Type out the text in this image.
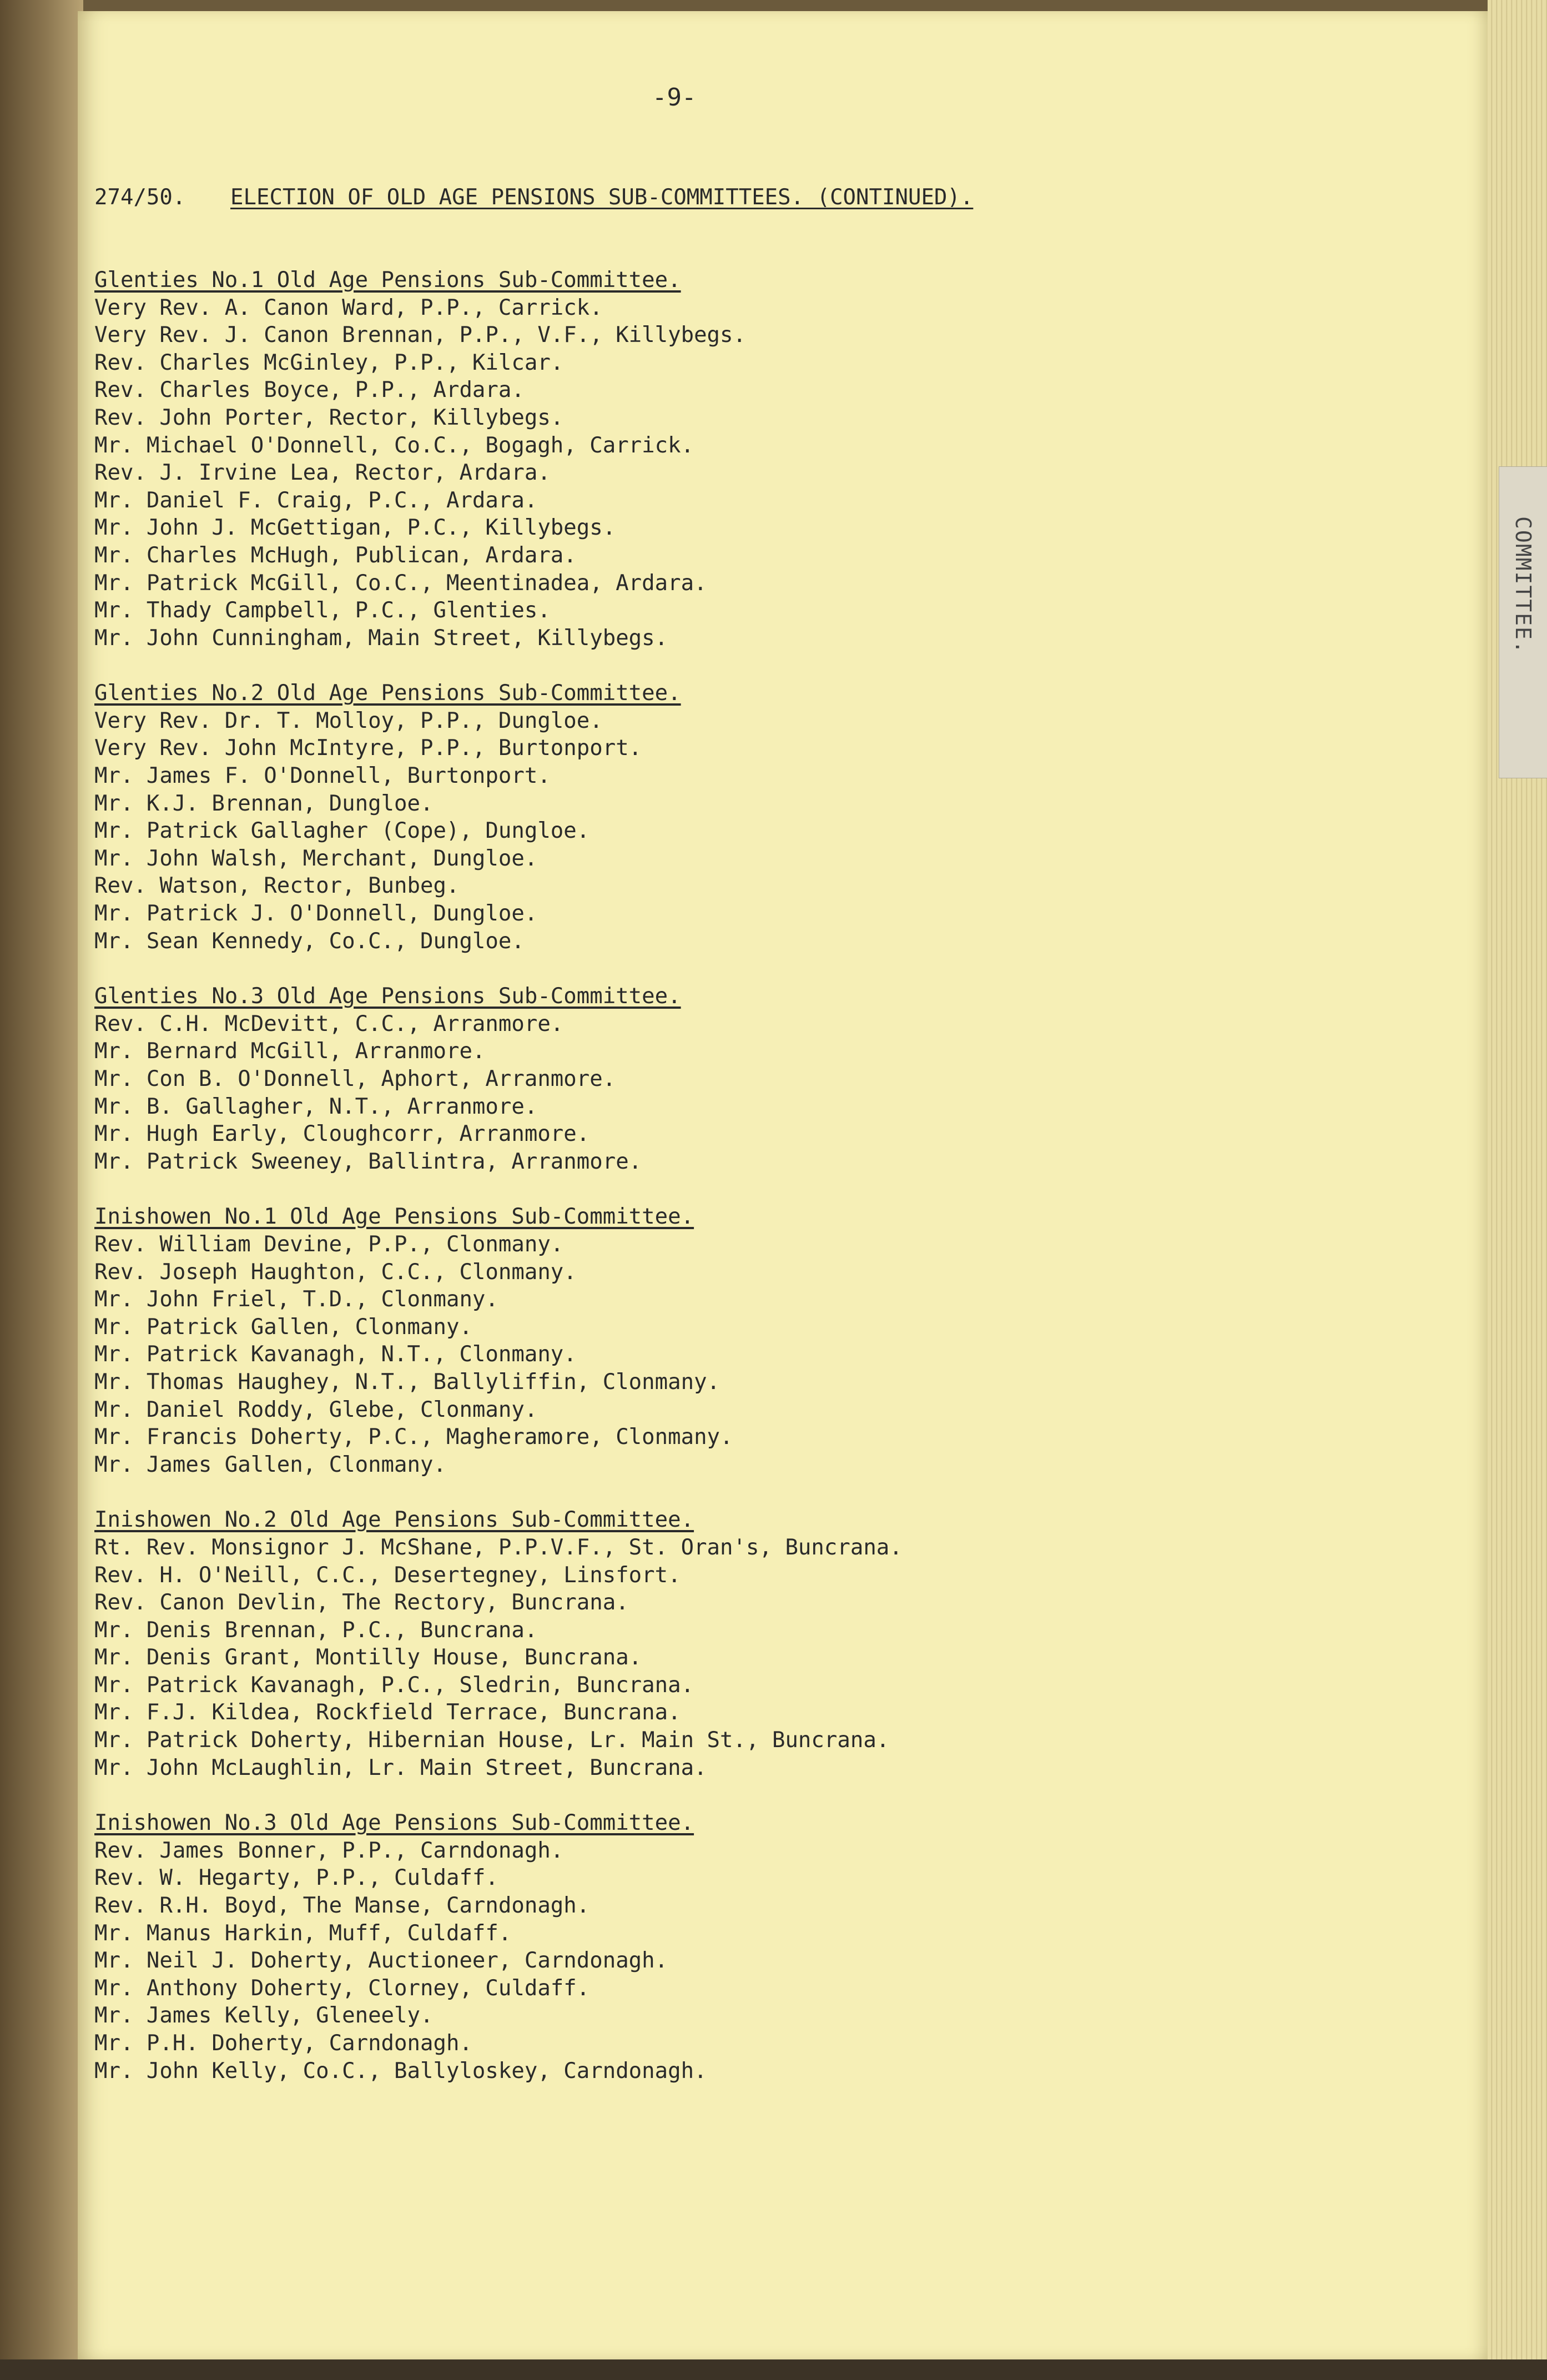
COMMITTEE.
-9-

274/50.	ELECTION OF OLD AGE PENSIONS SUB-COMMITTEES. (CONTINUED).

Glenties No.1 Old Age Pensions Sub-Committee.
Very Rev. A. Canon Ward, P.P., Carrick.
Very Rev. J. Canon Brennan, P.P., V.F., Killybegs.
Rev. Charles McGinley, P.P., Kilcar.
Rev. Charles Boyce, P.P., Ardara.
Rev. John Porter, Rector, Killybegs.
Mr. Michael O'Donnell, Co.C., Bogagh, Carrick.
Rev. J. Irvine Lea, Rector, Ardara.
Mr. Daniel F. Craig, P.C., Ardara.
Mr. John J. McGettigan, P.C., Killybegs.
Mr. Charles McHugh, Publican, Ardara.
Mr. Patrick McGill, Co.C., Meentinadea, Ardara.
Mr. Thady Campbell, P.C., Glenties.
Mr. John Cunningham, Main Street, Killybegs.
Glenties No.2 Old Age Pensions Sub-Committee.
Very Rev. Dr. T. Molloy, P.P., Dungloe.
Very Rev. John McIntyre, P.P., Burtonport.
Mr. James F. O'Donnell, Burtonport.
Mr. K.J. Brennan, Dungloe.
Mr. Patrick Gallagher (Cope), Dungloe.
Mr. John Walsh, Merchant, Dungloe.
Rev. Watson, Rector, Bunbeg.
Mr. Patrick J. O'Donnell, Dungloe.
Mr. Sean Kennedy, Co.C., Dungloe.
Glenties No.3 Old Age Pensions Sub-Committee.
Rev. C.H. McDevitt, C.C., Arranmore.
Mr. Bernard McGill, Arranmore.
Mr. Con B. O'Donnell, Aphort, Arranmore.
Mr. B. Gallagher, N.T., Arranmore.
Mr. Hugh Early, Cloughcorr, Arranmore.
Mr. Patrick Sweeney, Ballintra, Arranmore.
Inishowen No.1 Old Age Pensions Sub-Committee.
Rev. William Devine, P.P., Clonmany.
Rev. Joseph Haughton, C.C., Clonmany.
Mr. John Friel, T.D., Clonmany.
Mr. Patrick Gallen, Clonmany.
Mr. Patrick Kavanagh, N.T., Clonmany.
Mr. Thomas Haughey, N.T., Ballyliffin, Clonmany.
Mr. Daniel Roddy, Glebe, Clonmany.
Mr. Francis Doherty, P.C., Magheramore, Clonmany.
Mr. James Gallen, Clonmany.
Inishowen No.2 Old Age Pensions Sub-Committee.
Rt. Rev. Monsignor J. McShane, P.P.V.F., St. Oran's, Buncrana.
Rev. H. O'Neill, C.C., Desertegney, Linsfort.
Rev. Canon Devlin, The Rectory, Buncrana.
Mr. Denis Brennan, P.C., Buncrana.
Mr. Denis Grant, Montilly House, Buncrana.
Mr. Patrick Kavanagh, P.C., Sledrin, Buncrana.
Mr. F.J. Kildea, Rockfield Terrace, Buncrana.
Mr. Patrick Doherty, Hibernian House, Lr. Main St., Buncrana.
Mr. John McLaughlin, Lr. Main Street, Buncrana.
Inishowen No.3 Old Age Pensions Sub-Committee.
Rev. James Bonner, P.P., Carndonagh.
Rev. W. Hegarty, P.P., Culdaff.
Rev. R.H. Boyd, The Manse, Carndonagh.
Mr. Manus Harkin, Muff, Culdaff.
Mr. Neil J. Doherty, Auctioneer, Carndonagh.
Mr. Anthony Doherty, Clorney, Culdaff.
Mr. James Kelly, Gleneely.
Mr. P.H. Doherty, Carndonagh.
Mr. John Kelly, Co.C., Ballyloskey, Carndonagh.
